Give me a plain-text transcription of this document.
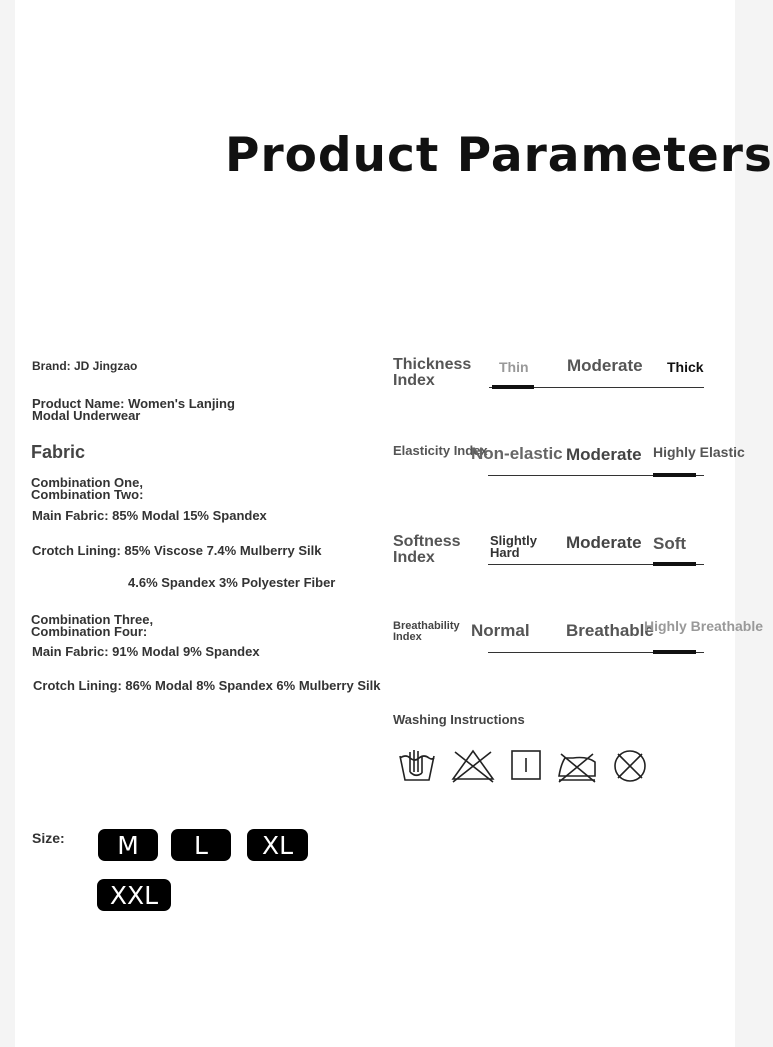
Product Parameters
Brand: JD Jingzao
Product Name: Women's Lanjing
Modal Underwear
Fabric
Combination One,
Combination Two:
Main Fabric: 85% Modal 15% Spandex
Crotch Lining: 85% Viscose 7.4% Mulberry Silk
4.6% Spandex 3% Polyester Fiber
Combination Three,
Combination Four:
Main Fabric: 91% Modal 9% Spandex
Crotch Lining: 86% Modal 8% Spandex 6% Mulberry Silk
Thickness
Index
Thin Moderate Thick
Elasticity Index
Non-elastic Moderate Highly Elastic
Softness
Index
Slightly
Hard
Moderate Soft
Breathability
Index	Normal Breathable
Highly Breathable
Washing Instructions
Size:	M	L	XL
XXL
